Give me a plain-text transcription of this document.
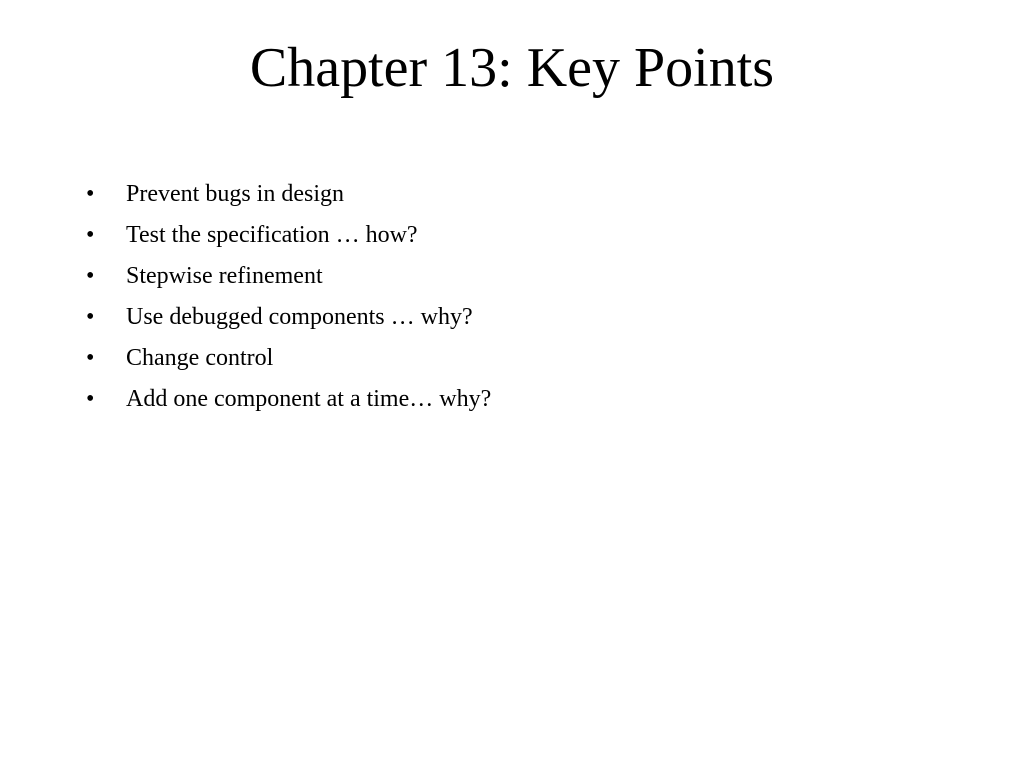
Chapter 13: Key Points
•	Prevent bugs in design
•	Test the specification … how?
•	Stepwise refinement
•	Use debugged components … why?
•	Change control
•	Add one component at a time… why?
